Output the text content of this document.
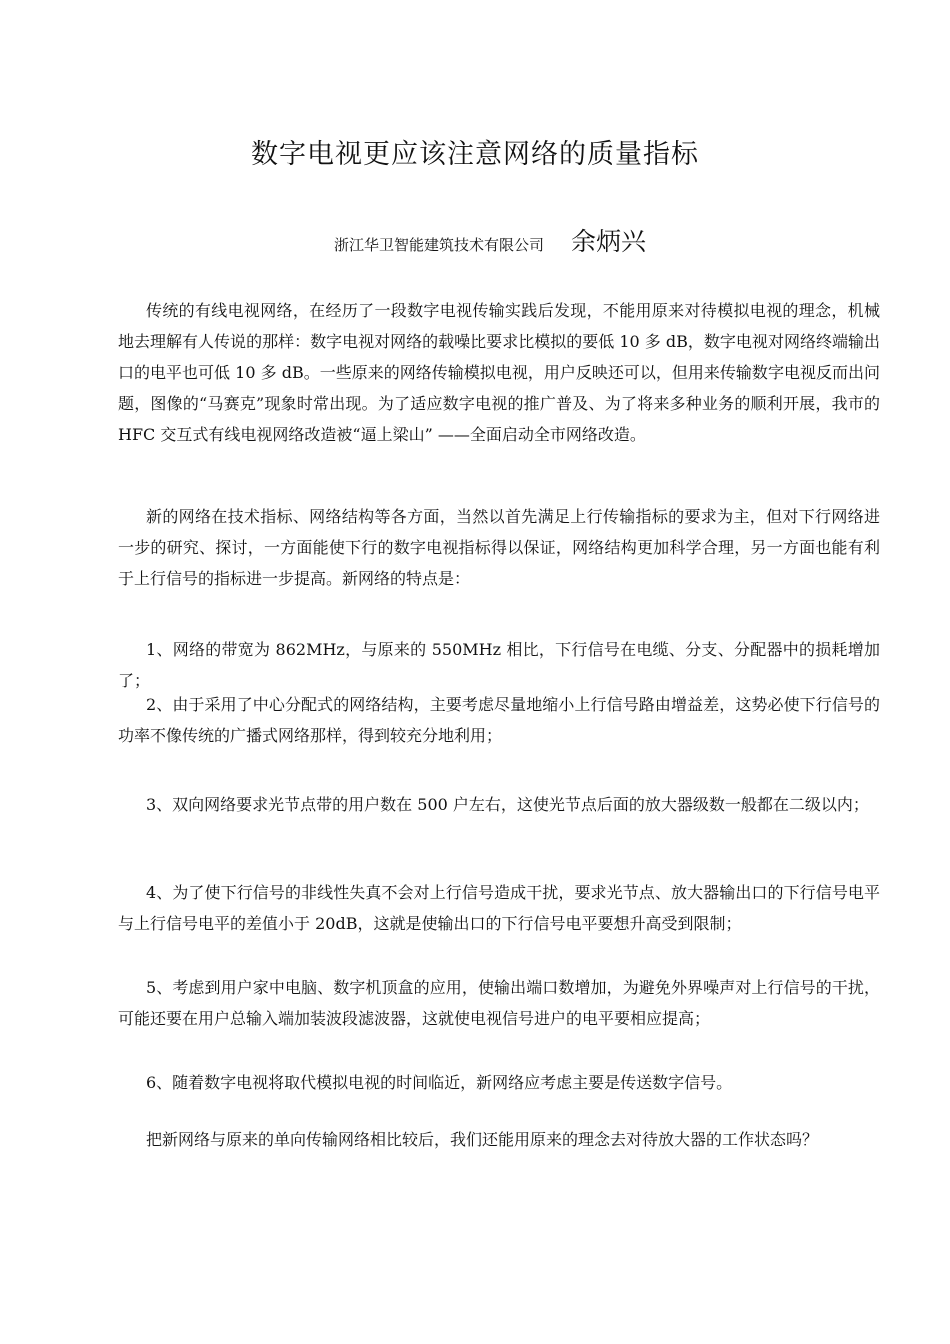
数字电视更应该注意网络的质量指标

浙江华卫智能建筑技术有限公司 余炳兴

传统的有线电视网络，在经历了一段数字电视传输实践后发现，不能用原来对待模拟电视的理念，机械地去理解有人传说的那样：数字电视对网络的载噪比要求比模拟的要低 10 多 dB，数字电视对网络终端输出口的电平也可低 10 多 dB。一些原来的网络传输模拟电视，用户反映还可以，但用来传输数字电视反而出问题，图像的“马赛克”现象时常出现。为了适应数字电视的推广普及、为了将来多种业务的顺利开展，我市的 HFC 交互式有线电视网络改造被“逼上梁山” ——全面启动全市网络改造。

新的网络在技术指标、网络结构等各方面，当然以首先满足上行传输指标的要求为主，但对下行网络进一步的研究、探讨，一方面能使下行的数字电视指标得以保证，网络结构更加科学合理，另一方面也能有利于上行信号的指标进一步提高。新网络的特点是：

1、网络的带宽为 862MHz，与原来的 550MHz 相比，下行信号在电缆、分支、分配器中的损耗增加了；

2、由于采用了中心分配式的网络结构，主要考虑尽量地缩小上行信号路由增益差，这势必使下行信号的功率不像传统的广播式网络那样，得到较充分地利用；

3、双向网络要求光节点带的用户数在 500 户左右，这使光节点后面的放大器级数一般都在二级以内；

4、为了使下行信号的非线性失真不会对上行信号造成干扰，要求光节点、放大器输出口的下行信号电平与上行信号电平的差值小于 20dB，这就是使输出口的下行信号电平要想升高受到限制；

5、考虑到用户家中电脑、数字机顶盒的应用，使输出端口数增加，为避免外界噪声对上行信号的干扰，可能还要在用户总输入端加装波段滤波器，这就使电视信号进户的电平要相应提高；

6、随着数字电视将取代模拟电视的时间临近，新网络应考虑主要是传送数字信号。

把新网络与原来的单向传输网络相比较后，我们还能用原来的理念去对待放大器的工作状态吗？
